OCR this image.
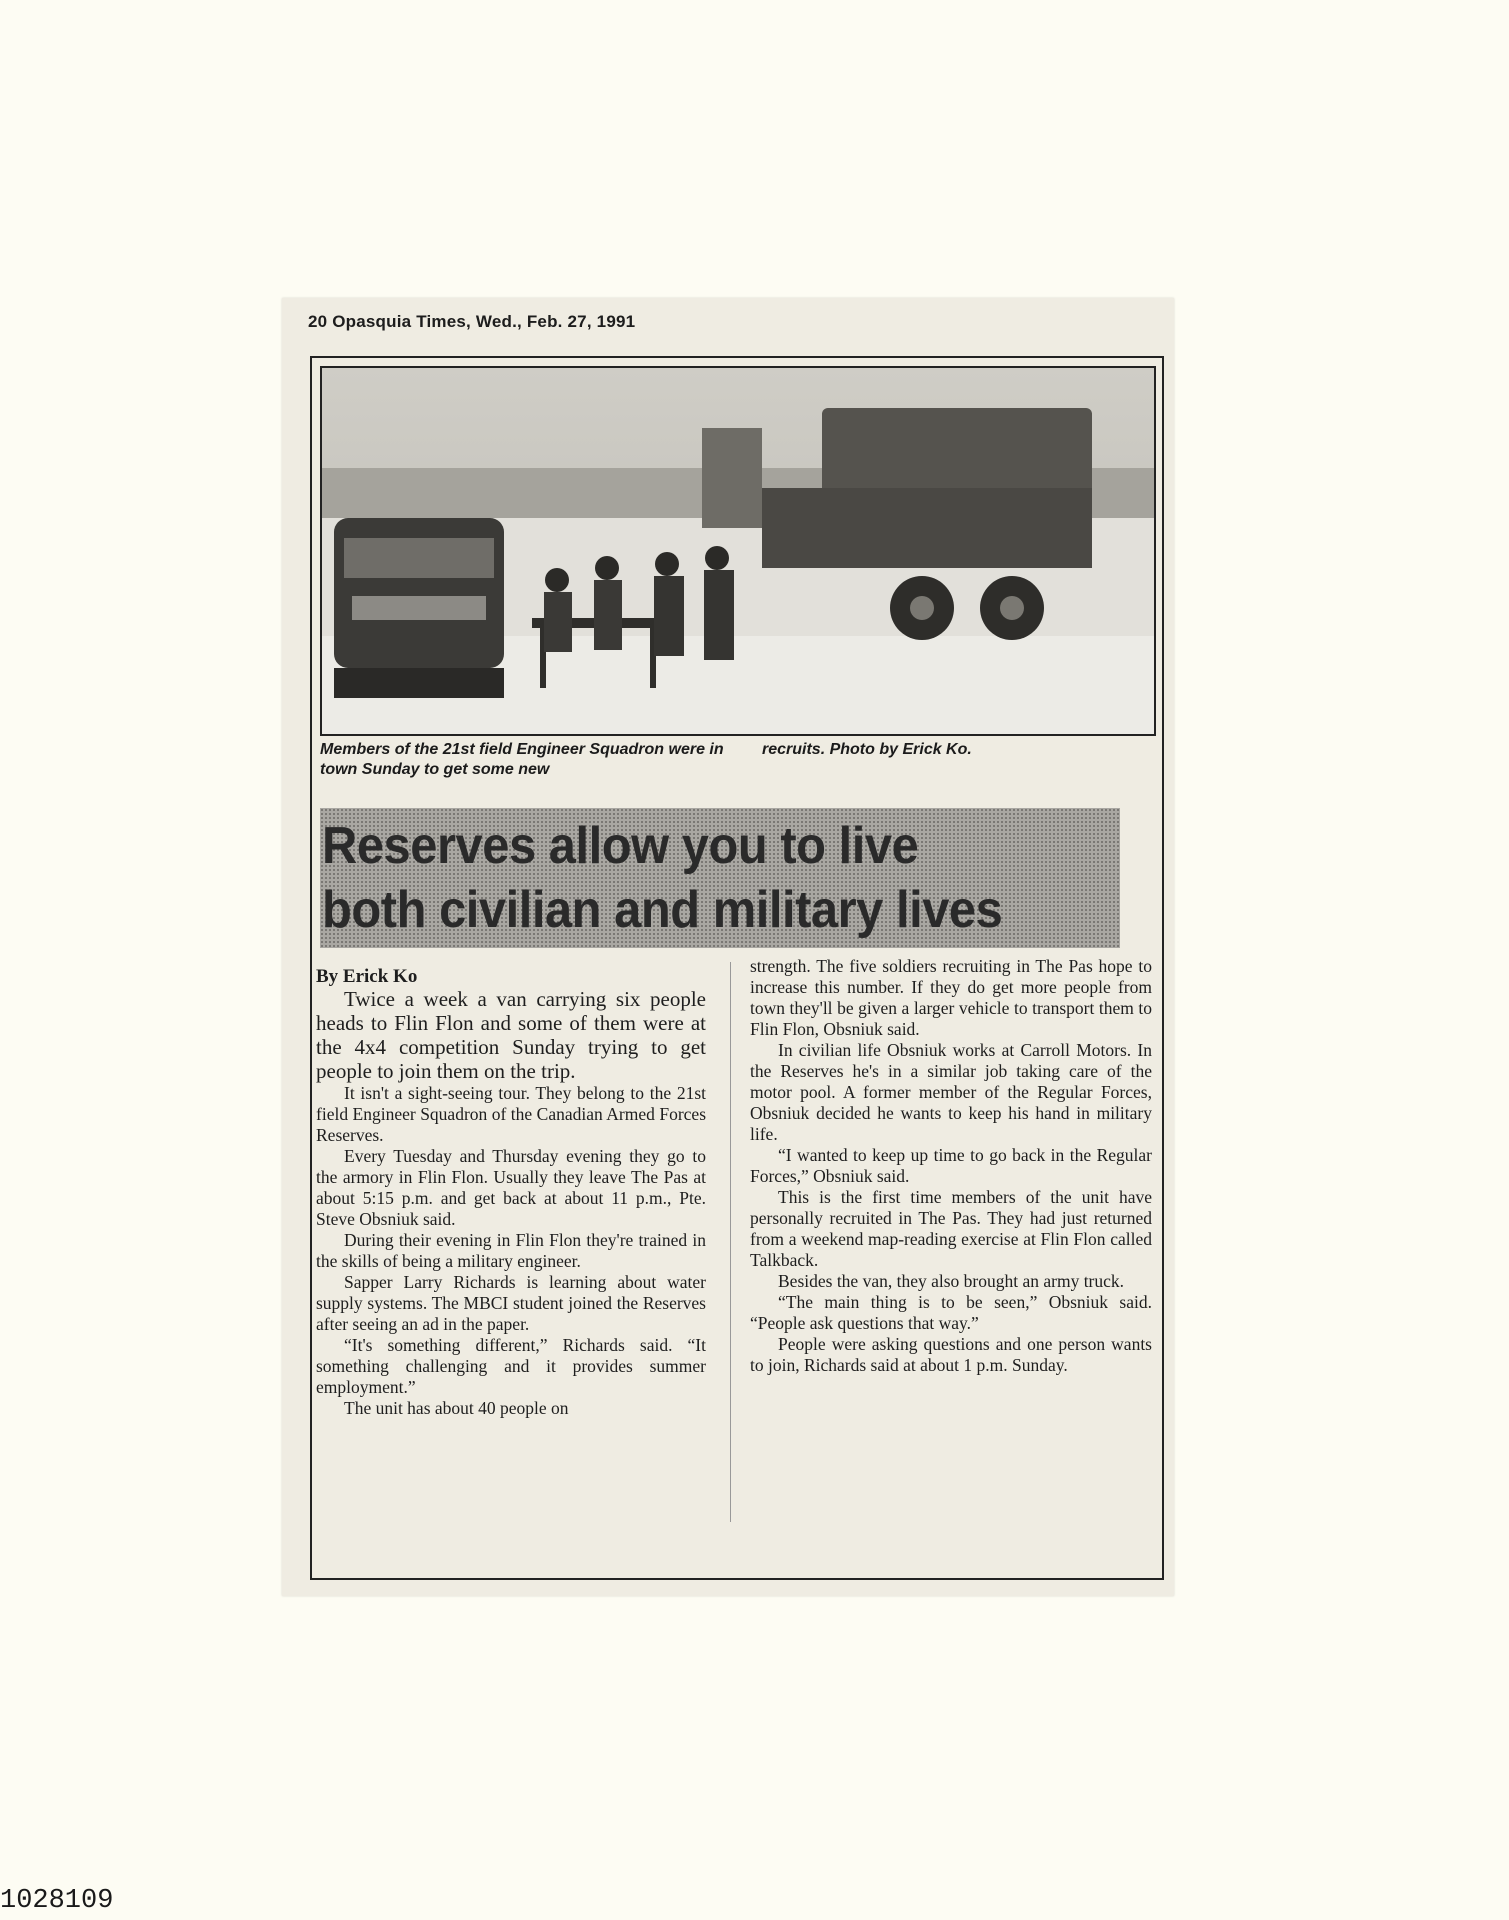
20 Opasquia Times, Wed., Feb. 27, 1991
Members of the 21st field Engineer Squadron were in town Sunday to get some new
recruits. Photo by Erick Ko.
Reserves allow you to live
both civilian and military lives

By Erick Ko

Twice a week a van carrying six people heads to Flin Flon and some of them were at the 4x4 competition Sunday trying to get people to join them on the trip.

It isn't a sight-seeing tour. They belong to the 21st field Engineer Squadron of the Canadian Armed Forces Reserves.

Every Tuesday and Thursday evening they go to the armory in Flin Flon. Usually they leave The Pas at about 5:15 p.m. and get back at about 11 p.m., Pte. Steve Obsniuk said.

During their evening in Flin Flon they're trained in the skills of being a military engineer.

Sapper Larry Richards is learning about water supply systems. The MBCI student joined the Reserves after seeing an ad in the paper.

“It's something different,” Richards said. “It something challenging and it provides summer employment.”

The unit has about 40 people on

strength. The five soldiers recruiting in The Pas hope to increase this number. If they do get more people from town they'll be given a larger vehicle to transport them to Flin Flon, Obsniuk said.

In civilian life Obsniuk works at Carroll Motors. In the Reserves he's in a similar job taking care of the motor pool. A former member of the Regular Forces, Obsniuk decided he wants to keep his hand in military life.

“I wanted to keep up time to go back in the Regular Forces,” Obsniuk said.

This is the first time members of the unit have personally recruited in The Pas. They had just returned from a weekend map-reading exercise at Flin Flon called Talkback.

Besides the van, they also brought an army truck.

“The main thing is to be seen,” Obsniuk said. “People ask questions that way.”

People were asking questions and one person wants to join, Richards said at about 1 p.m. Sunday.

1028109
